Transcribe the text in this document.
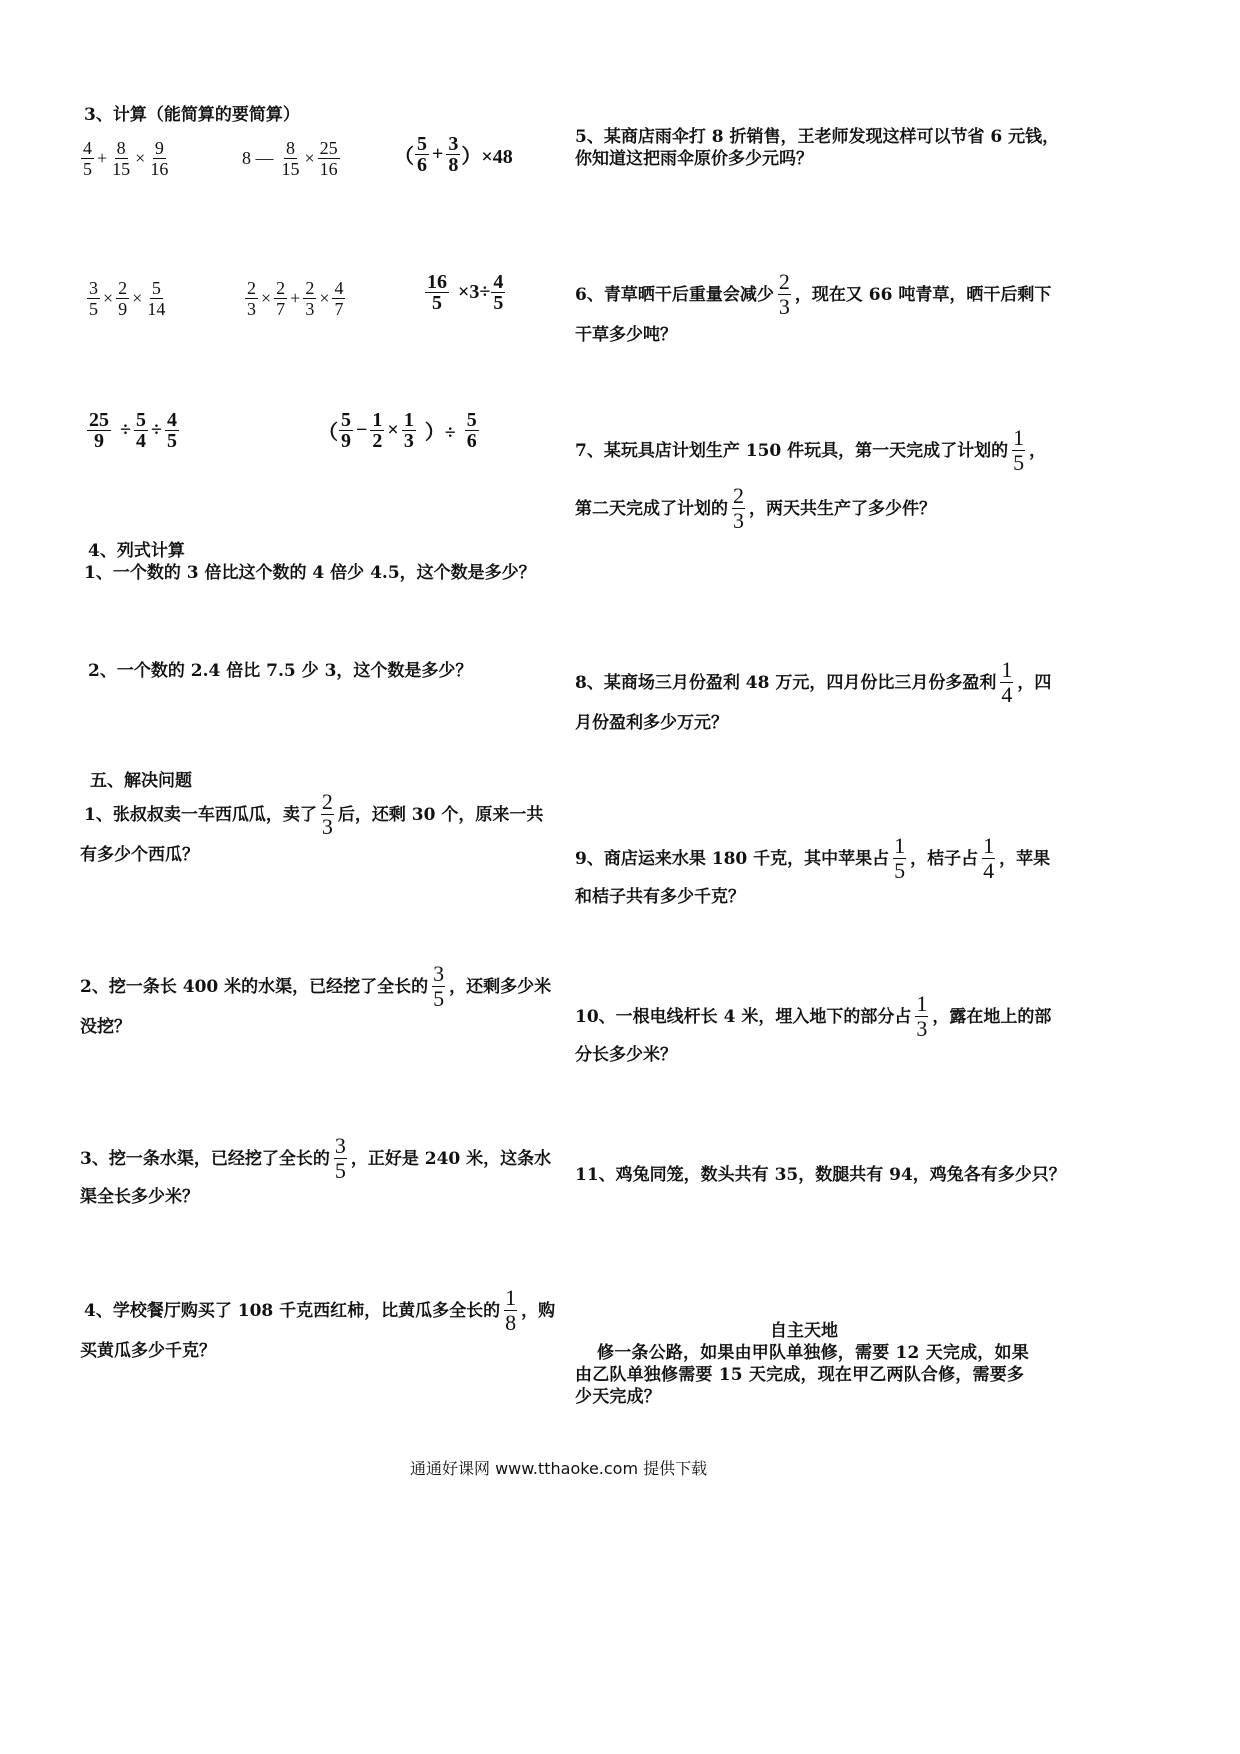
3、计算（能简算的要简算）
$\frac{4}{5} + \frac{8}{15} \times \frac{9}{16}$	8 — $\frac{8}{15} \times \frac{25}{16}$	（ $\frac{5}{6} + \frac{3}{8} )\times 48$
$\frac{3}{5} \times \frac{2}{9} \times \frac{5}{14}$	$\frac{2}{3} \times \frac{2}{7} + \frac{2}{3} \times \frac{4}{7}$	$\frac{16}{5} \times 3\div \frac{4}{5}$
$\frac{25}{9} \div \frac{5}{4} \div \frac{4}{5}$	（ $\frac{5}{9} - \frac{1}{2} \times \frac{1}{3}$ ）÷ $\frac{5}{6}$
4、列式计算
1、一个数的 3 倍比这个数的 4 倍少 4.5，这个数是多少？
2、一个数的 2.4 倍比 7.5 少 3，这个数是多少？
五、解决问题
1、张叔叔卖一车西瓜瓜，卖了 $\frac{2}{3}$ 后，还剩 30 个，原来一共
有多少个西瓜？
2、挖一条长 400 米的水渠，已经挖了全长的 $\frac{3}{5}$ ，还剩多少米
没挖？
3、挖一条水渠，已经挖了全长的 $\frac{3}{5}$ ，正好是 240 米，这条水
渠全长多少米？
4、学校餐厅购买了 108 千克西红柿，比黄瓜多全长的 $\frac{1}{8}$ ，购
买黄瓜多少千克？
5、某商店雨伞打 8 折销售，王老师发现这样可以节省 6 元钱，
你知道这把雨伞原价多少元吗？
6、青草晒干后重量会减少 $\frac{2}{3}$ ，现在又 66 吨青草，晒干后剩下
干草多少吨？
7、某玩具店计划生产 150 件玩具，第一天完成了计划的 $\frac{1}{5}$ ，
第二天完成了计划的 $\frac{2}{3}$ ，两天共生产了多少件？
8、某商场三月份盈利 48 万元，四月份比三月份多盈利 $\frac{1}{4}$ ，四
月份盈利多少万元？
9、商店运来水果 180 千克，其中苹果占 $\frac{1}{5}$ ，桔子占 $\frac{1}{4}$ ，苹果
和桔子共有多少千克？
10、一根电线杆长 4 米，埋入地下的部分占 $\frac{1}{3}$ ，露在地上的部
分长多少米？
11、鸡兔同笼，数头共有 35，数腿共有 94，鸡兔各有多少只？
自主天地
修一条公路，如果由甲队单独修，需要 12 天完成，如果由乙队单独修需要 15 天完成，现在甲乙两队合修，需要多少天完成？
通通好课网 www.tthaoke.com 提供下载
